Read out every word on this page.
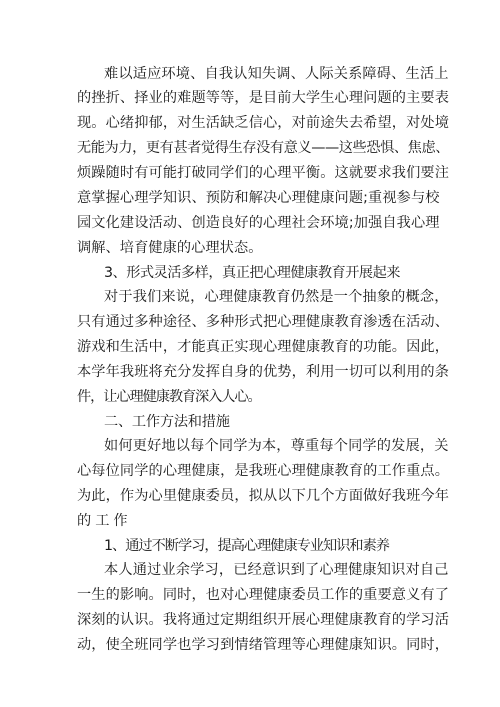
难以适应环境、自我认知失调、人际关系障碍、生活上
的挫折、择业的难题等等，是目前大学生心理问题的主要表
现。心绪抑郁，对生活缺乏信心，对前途失去希望，对处境
无能为力，更有甚者觉得生存没有意义——这些恐惧、焦虑、
烦躁随时有可能打破同学们的心理平衡。这就要求我们要注
意掌握心理学知识、预防和解决心理健康问题;重视参与校
园文化建设活动、创造良好的心理社会环境;加强自我心理
调解、培育健康的心理状态。
3、形式灵活多样，真正把心理健康教育开展起来
对于我们来说，心理健康教育仍然是一个抽象的概念，
只有通过多种途径、多种形式把心理健康教育渗透在活动、
游戏和生活中，才能真正实现心理健康教育的功能。因此，
本学年我班将充分发挥自身的优势，利用一切可以利用的条
件，让心理健康教育深入人心。
二、工作方法和措施
如何更好地以每个同学为本，尊重每个同学的发展，关
心每位同学的心理健康，是我班心理健康教育的工作重点。
为此，作为心里健康委员，拟从以下几个方面做好我班今年
的工作
1、通过不断学习，提高心理健康专业知识和素养
本人通过业余学习，已经意识到了心理健康知识对自己
一生的影响。同时，也对心理健康委员工作的重要意义有了
深刻的认识。我将通过定期组织开展心理健康教育的学习活
动，使全班同学也学习到情绪管理等心理健康知识。同时，
